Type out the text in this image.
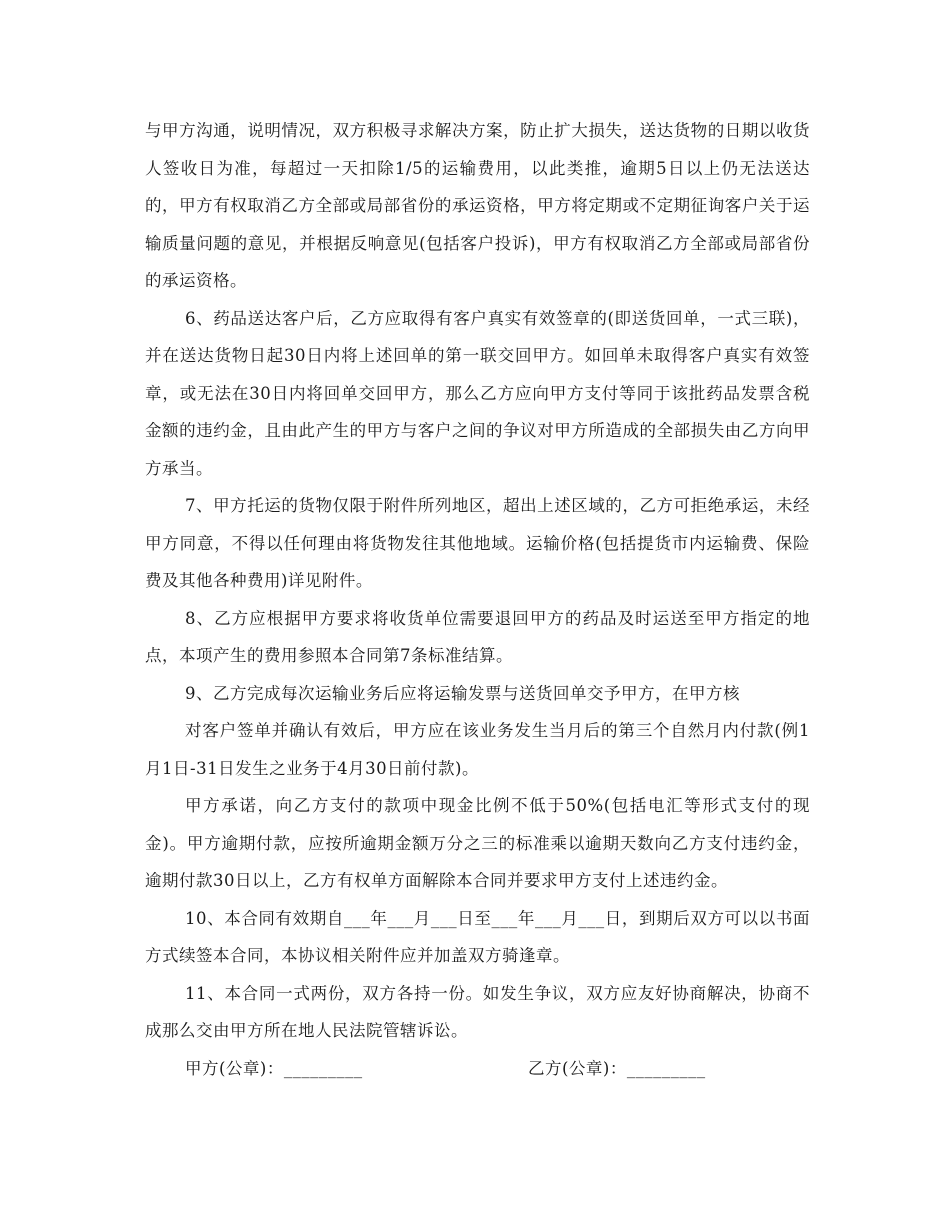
与甲方沟通，说明情况，双方积极寻求解决方案，防止扩大损失，送达货物的日期以收货人签收日为准，每超过一天扣除1/5的运输费用，以此类推，逾期5日以上仍无法送达的，甲方有权取消乙方全部或局部省份的承运资格，甲方将定期或不定期征询客户关于运输质量问题的意见，并根据反响意见(包括客户投诉)，甲方有权取消乙方全部或局部省份的承运资格。

6、药品送达客户后，乙方应取得有客户真实有效签章的(即送货回单，一式三联)，并在送达货物日起30日内将上述回单的第一联交回甲方。如回单未取得客户真实有效签章，或无法在30日内将回单交回甲方，那么乙方应向甲方支付等同于该批药品发票含税金额的违约金，且由此产生的甲方与客户之间的争议对甲方所造成的全部损失由乙方向甲方承当。

7、甲方托运的货物仅限于附件所列地区，超出上述区域的，乙方可拒绝承运，未经甲方同意，不得以任何理由将货物发往其他地域。运输价格(包括提货市内运输费、保险费及其他各种费用)详见附件。

8、乙方应根据甲方要求将收货单位需要退回甲方的药品及时运送至甲方指定的地点，本项产生的费用参照本合同第7条标准结算。

9、乙方完成每次运输业务后应将运输发票与送货回单交予甲方，在甲方核

对客户签单并确认有效后，甲方应在该业务发生当月后的第三个自然月内付款(例1月1日-31日发生之业务于4月30日前付款)。

甲方承诺，向乙方支付的款项中现金比例不低于50%(包括电汇等形式支付的现金)。甲方逾期付款，应按所逾期金额万分之三的标准乘以逾期天数向乙方支付违约金，逾期付款30日以上，乙方有权单方面解除本合同并要求甲方支付上述违约金。

10、本合同有效期自___年___月___日至___年___月___日，到期后双方可以以书面方式续签本合同，本协议相关附件应并加盖双方骑逢章。

11、本合同一式两份，双方各持一份。如发生争议，双方应友好协商解决，协商不成那么交由甲方所在地人民法院管辖诉讼。

甲方(公章)：_________	乙方(公章)：_________
